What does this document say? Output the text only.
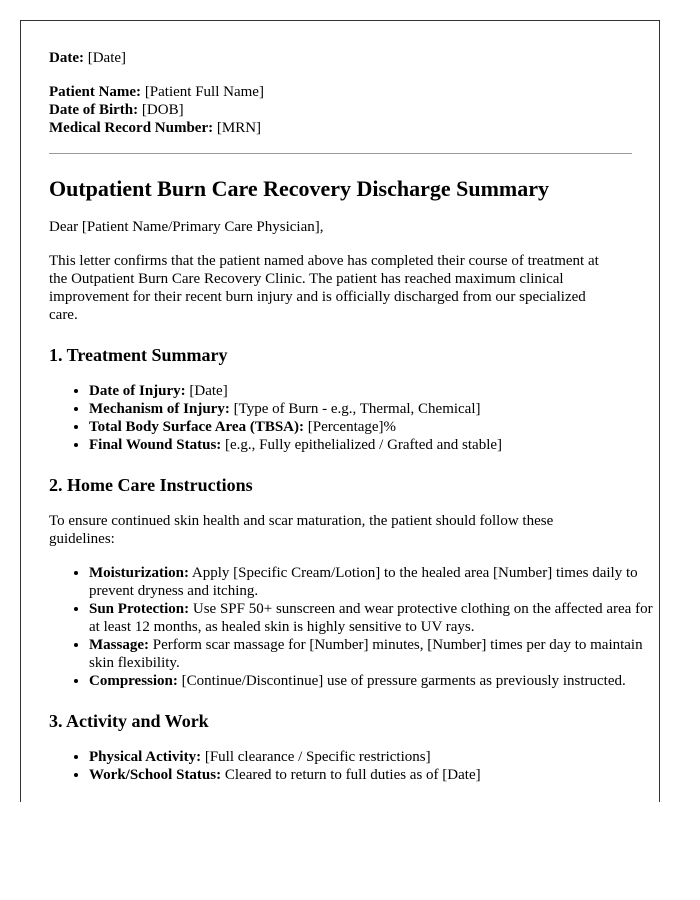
Date: [Date]

Patient Name: [Patient Full Name]

Date of Birth: [DOB]

Medical Record Number: [MRN]

Outpatient Burn Care Recovery Discharge Summary

Dear [Patient Name/Primary Care Physician],

This letter confirms that the patient named above has completed their course of treatment at the Outpatient Burn Care Recovery Clinic. The patient has reached maximum clinical improvement for their recent burn injury and is officially discharged from our specialized care.

1. Treatment Summary
• Date of Injury: [Date]
• Mechanism of Injury: [Type of Burn - e.g., Thermal, Chemical]
• Total Body Surface Area (TBSA): [Percentage]%
• Final Wound Status: [e.g., Fully epithelialized / Grafted and stable]
2. Home Care Instructions

To ensure continued skin health and scar maturation, the patient should follow these guidelines:

• Moisturization: Apply [Specific Cream/Lotion] to the healed area [Number] times daily to prevent dryness and itching.
• Sun Protection: Use SPF 50+ sunscreen and wear protective clothing on the affected area for at least 12 months, as healed skin is highly sensitive to UV rays.
• Massage: Perform scar massage for [Number] minutes, [Number] times per day to maintain skin flexibility.
• Compression: [Continue/Discontinue] use of pressure garments as previously instructed.
3. Activity and Work
• Physical Activity: [Full clearance / Specific restrictions]
• Work/School Status: Cleared to return to full duties as of [Date]
